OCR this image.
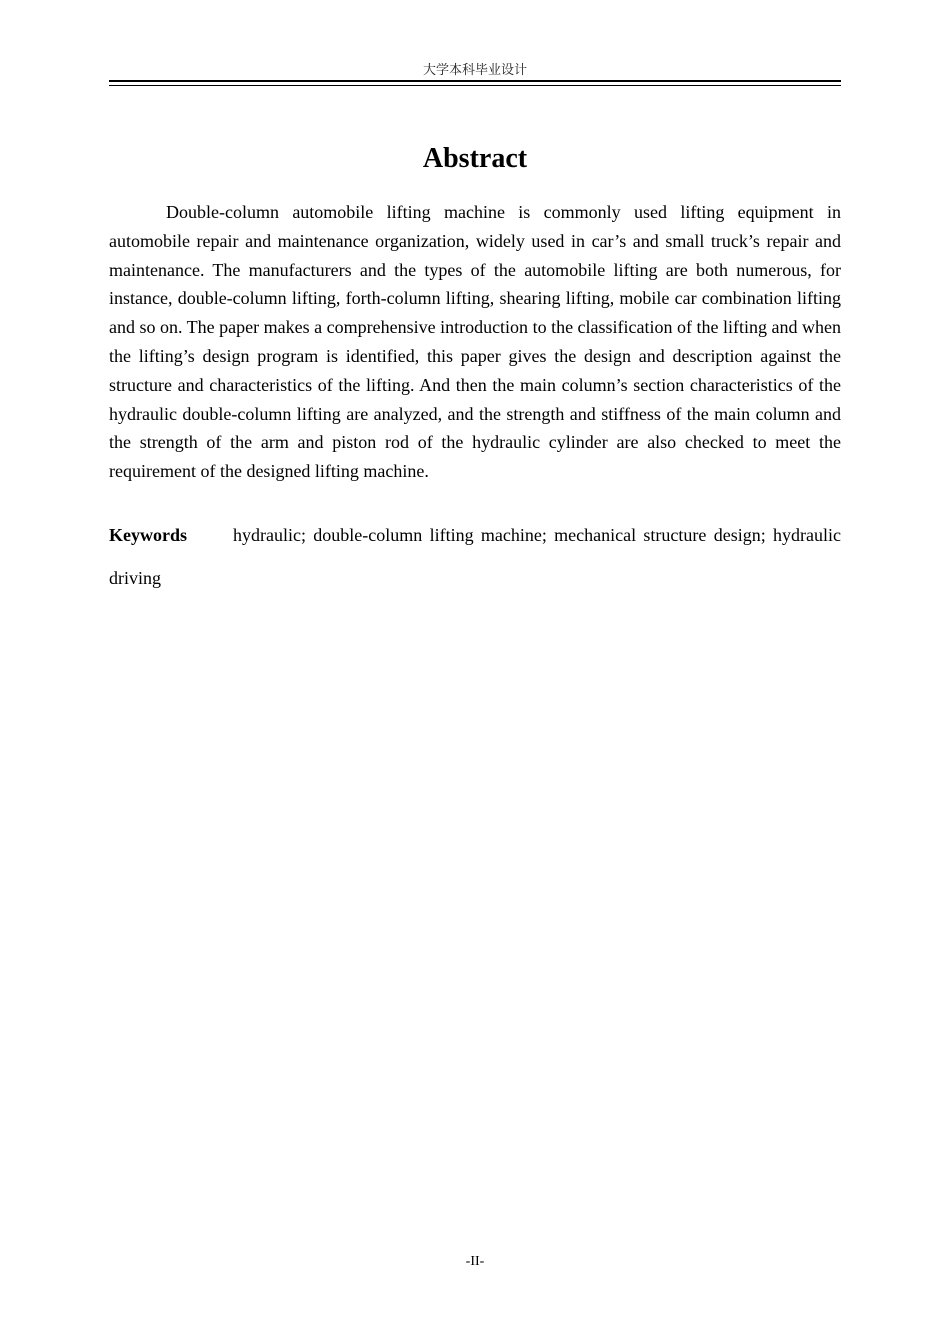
大学本科毕业设计
Abstract

Double-column automobile lifting machine is commonly used lifting equipment in automobile repair and maintenance organization, widely used in car’s and small truck’s repair and maintenance. The manufacturers and the types of the automobile lifting are both numerous, for instance, double-column lifting, forth-column lifting, shearing lifting, mobile car combination lifting and so on. The paper makes a comprehensive introduction to the classification of the lifting and when the lifting’s design program is identified, this paper gives the design and description against the structure and characteristics of the lifting. And then the main column’s section characteristics of the hydraulic double-column lifting are analyzed, and the strength and stiffness of the main column and the strength of the arm and piston rod of the hydraulic cylinder are also checked to meet the requirement of the designed lifting machine.

Keywords	hydraulic; double-column lifting machine; mechanical structure design; hydraulic driving

-II-
